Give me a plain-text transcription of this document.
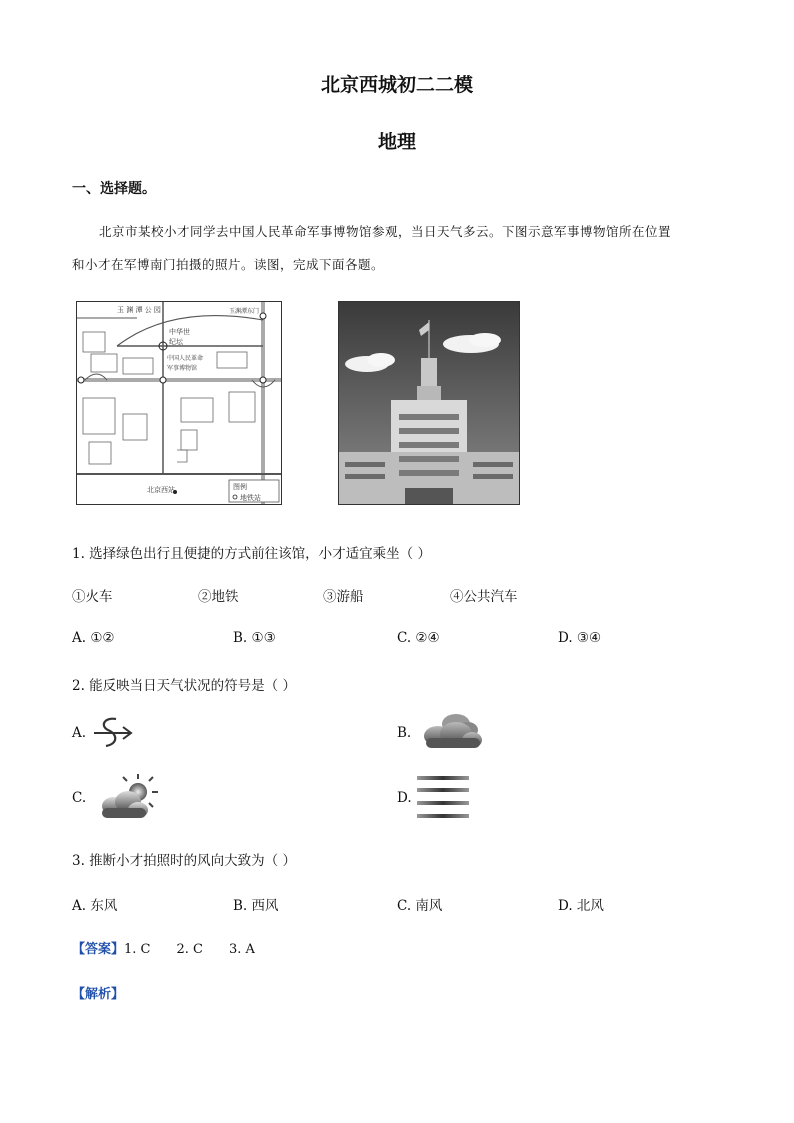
北京西城初二二模
地理
一、选择题。
北京市某校小才同学去中国人民革命军事博物馆参观，当日天气多云。下图示意军事博物馆所在位置
和小才在军博南门拍摄的照片。读图，完成下面各题。
玉 渊 潭 公 园	玉渊潭东门
中华世
纪坛
中国人民革命
军事博物馆
北京西站	图例
地铁站
1. 选择绿色出行且便捷的方式前往该馆，小才适宜乘坐（ ）
①火车	②地铁	③游船	④公共汽车
A. ①②	B. ①③	C. ②④	D. ③④
2. 能反映当日天气状况的符号是（ ）
A.	B.
C.	D.
3. 推断小才拍照时的风向大致为（ ）
A. 东风	B. 西风	C. 南风	D. 北风
【答案】1. C 2. C 3. A
【解析】
